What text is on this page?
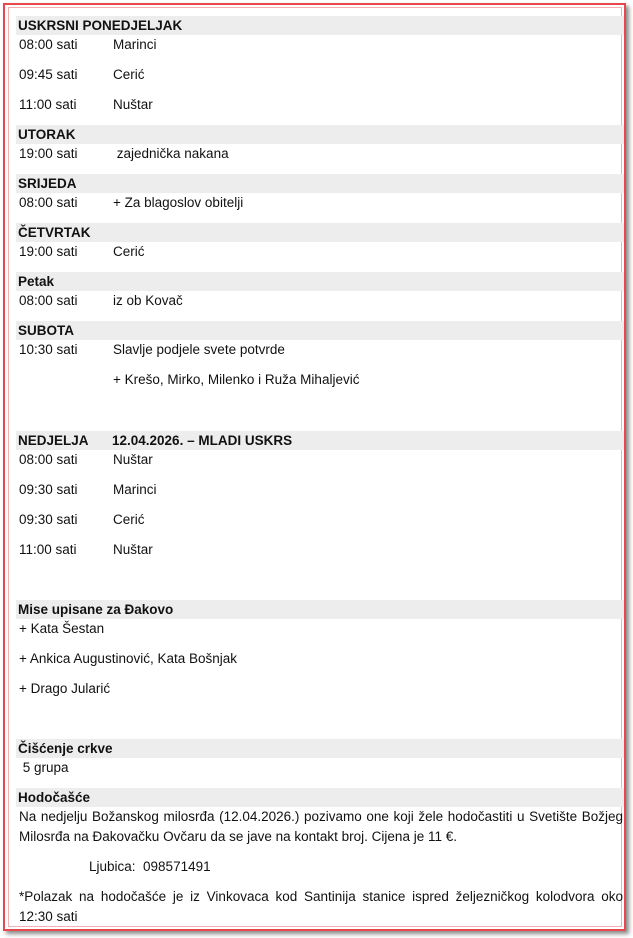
USKRSNI PONEDJELJAK
08:00 sati	Marinci
09:45 sati	Cerić
11:00 sati	Nuštar
UTORAK
19:00 sati	zajednička nakana
SRIJEDA
08:00 sati	+ Za blagoslov obitelji
ČETVRTAK
19:00 sati	Cerić
Petak
08:00 sati	iz ob Kovač
SUBOTA
10:30 sati	Slavlje podjele svete potvrde
+ Krešo, Mirko, Milenko i Ruža Mihaljević
NEDJELJA 12.04.2026. – MLADI USKRS
08:00 sati	Nuštar
09:30 sati	Marinci
09:30 sati	Cerić
11:00 sati	Nuštar
Mise upisane za Đakovo
+ Kata Šestan
+ Ankica Augustinović, Kata Bošnjak
+ Drago Jularić
Čišćenje crkve
5 grupa
Hodočašće
Na nedjelju Božanskog milosrđa (12.04.2026.) pozivamo one koji žele hodočastiti u Svetište Božjeg Milosrđa na Đakovačku Ovčaru da se jave na kontakt broj. Cijena je 11 €.
Ljubica:  098571491
*Polazak na hodočašće je iz Vinkovaca kod Santinija stanice ispred željezničkog kolodvora oko 12:30 sati
